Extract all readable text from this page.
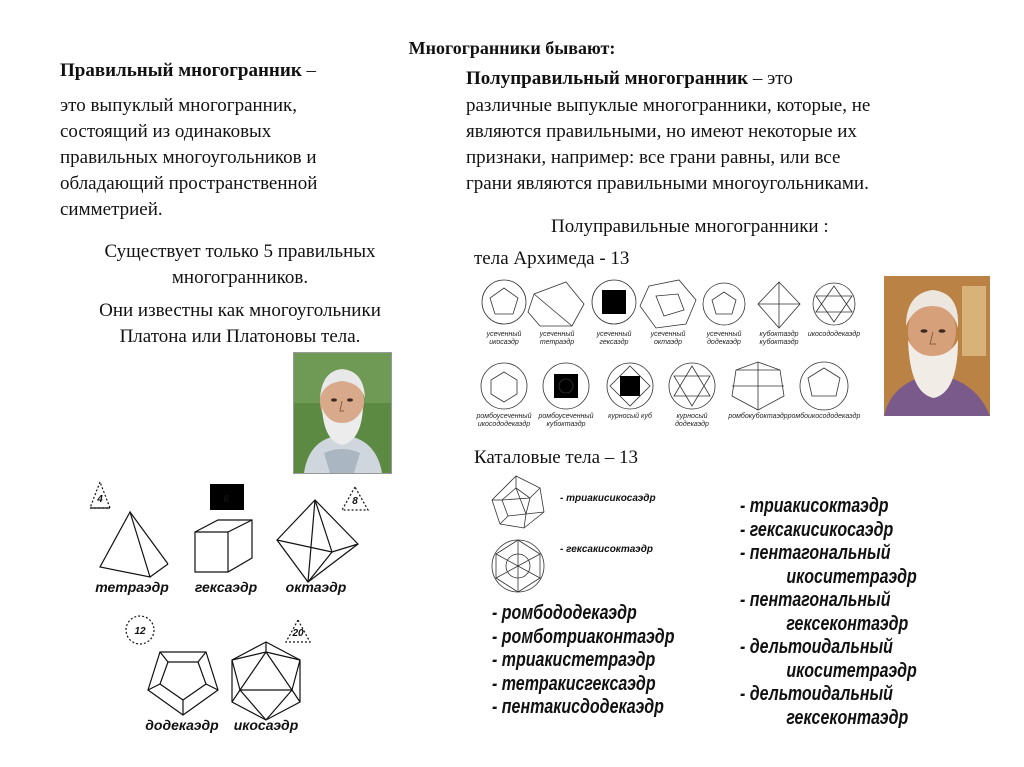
Многогранники бывают:
Правильный многогранник –
это выпуклый многогранник,
состоящий из одинаковых
правильных многоугольников и
обладающий пространственной
симметрией.
Существует только 5 правильных
многогранников.
Они известны как многоугольники
Платона или Платоновы тела.
тетраэдр
4	6
гексаэдр
8
октаэдр
12
додекаэдр
20
икосаэдр
Полуправильный многогранник – это
различные выпуклые многогранники, которые, не
являются правильными, но имеют некоторые их
признаки, например: все грани равны, или все
грани являются правильными многоугольниками.
Полуправильные многогранники :
тела Архимеда - 13
усеченный
икосаэдр
усеченный
тетраэдр
усеченный
гексаэдр
усеченный
октаэдр
усеченный
додекаэдр
кубоктаэдр
кубоктаэдр
икосододекаэдр
ромбоусеченный
икосододекаэдр
ромбоусеченный
кубоктаэдр
курносый куб	курносый
додекаэдр
ромбокубоктаэдр ромбоикосододекаэдр
Каталовые тела – 13
- триакисикосаэдр
- гексакисоктаэдр
- ромбододекаэдр
- ромботриаконтаэдр
- триакистетраэдр
- тетракисгексаэдр
- пентакисдодекаэдр
- триакисоктаэдр
- гексакисикосаэдр
- пентагональный
икоситетраэдр
- пентагональный
гексеконтаэдр
- дельтоидальный
икоситетраэдр
- дельтоидальный
гексеконтаэдр
